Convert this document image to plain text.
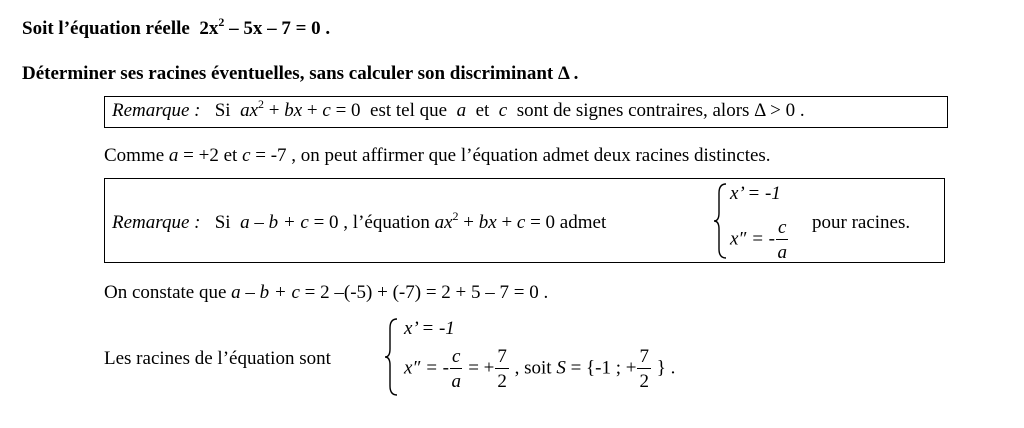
Soit l’équation réelle $2x^2 - 5x - 7 = 0$ .
Déterminer ses racines éventuelles, sans calculer son discriminant Δ .
Remarque : Si $ax^2$ + bx + c = 0 est tel que a et c sont de signes contraires, alors Δ > 0 .
Comme a = +2 et c = -7 , on peut affirmer que l’équation admet deux racines distinctes.
Remarque : Si a – b + c = 0 , l’équation $ax^2$ + bx + c = 0 admet
x’ = -1
x″ = - $\frac{c}{a}$ pour racines.
On constate que a – b + c = 2 –(-5) + (-7) = 2 + 5 – 7 = 0 .
Les racines de l’équation sont
x’ = -1
x″ = - $\frac{c}{a}$ = + $\frac{7}{2}$ , soit S = {-1 ; + $\frac{7}{2}$ } .
